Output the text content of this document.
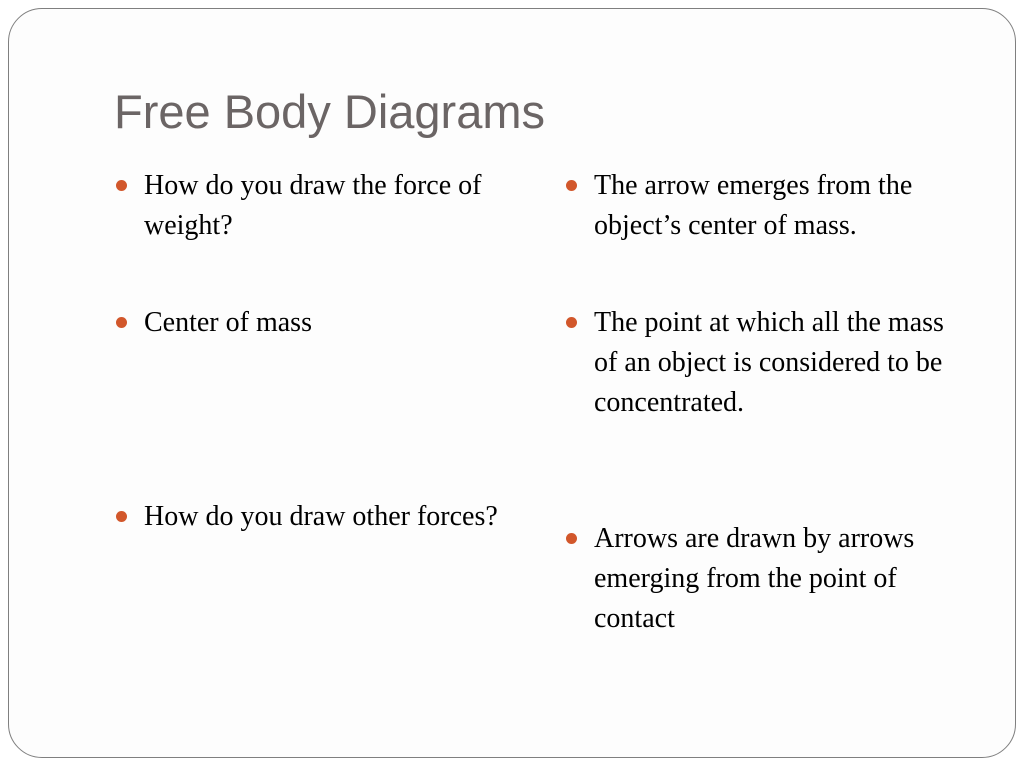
Free Body Diagrams
How do you draw the force of weight?
Center of mass
How do you draw other forces?
The arrow emerges from the object’s center of mass.
The point at which all the mass of an object is considered to be concentrated.
Arrows are drawn by arrows emerging from the point of contact
